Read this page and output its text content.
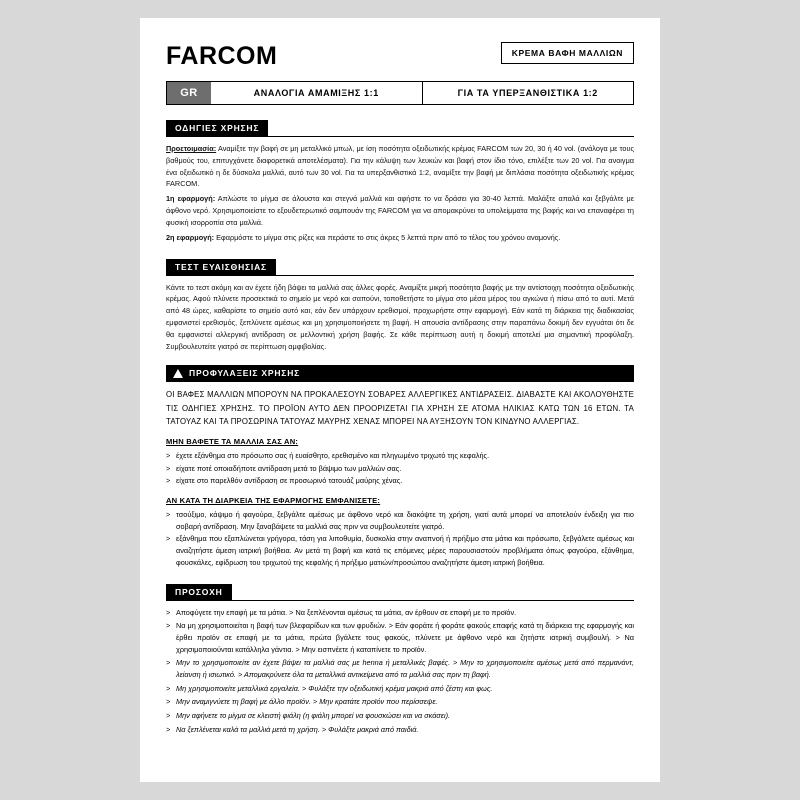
FARCOM	ΚΡΕΜΑ ΒΑΦΗ ΜΑΛΛΙΩΝ
GR	ΑΝΑΛΟΓΙΑ ΑΜΑΜΙΞΗΣ 1:1	ΓΙΑ ΤΑ ΥΠΕΡΞΑΝΘΙΣΤΙΚΑ 1:2
ΟΔΗΓΙΕΣ ΧΡΗΣΗΣ

Προετοιμασία: Αναμίξτε την βαφή σε μη μεταλλικό μπωλ, με ίση ποσότητα οξειδωτικής κρέμας FARCOM των 20, 30 ή 40 vol. (ανάλογα με τους βαθμούς του, επιτυγχάνετε διαφορετικά αποτελέσματα). Για την κάλυψη των λευκών και βαφή στον ίδιο τόνο, επιλέξτε των 20 vol. Για ανοιγμα ένα οξειδωτικό η δε δύσκολα μαλλιά, αυτό των 30 vol. Για τα υπερξανθιστικά 1:2, αναμίξτε την βαφή με διπλάσια ποσότητα οξειδωτικής κρέμας FARCOM.

1η εφαρμογή: Απλώστε το μίγμα σε άλουστα και στεγνά μαλλιά και αφήστε το να δράσει για 30-40 λεπτά. Μαλάξτε απαλά και ξεβγάλτε με άφθονο νερό. Χρησιμοποιείστε το εξουδετερωτικό σαμπουάν της FARCOM για να απομακρύνει τα υπολείμματα της βαφής και να επαναφέρει τη φυσική ισορροπία στα μαλλιά.

2η εφαρμογή: Εφαρμόστε το μίγμα στις ρίζες και περάστε το στις άκρες 5 λεπτά πριν από το τέλος του χρόνου αναμονής.

ΤΕΣΤ ΕΥΑΙΣΘΗΣΙΑΣ

Κάντε το τεστ ακόμη και αν έχετε ήδη βάψει τα μαλλιά σας άλλες φορές. Αναμίξτε μικρή ποσότητα βαφής με την αντίστοιχη ποσότητα οξειδωτικής κρέμας. Αφού πλύνετε προσεκτικά το σημείο με νερό και σαπούνι, τοποθετήστε το μίγμα στο μέσα μέρος του αγκώνα ή πίσω από το αυτί. Μετά από 48 ώρες, καθαρίστε το σημείο αυτό και, εάν δεν υπάρχουν ερεθισμοί, προχωρήστε στην εφαρμογή. Εάν κατά τη διάρκεια της διαδικασίας εμφανιστεί ερεθισμός, ξεπλύνετε αμέσως και μη χρησιμοποιήσετε τη βαφή. Η απουσία αντίδρασης στην παραπάνω δοκιμή δεν εγγυάται ότι δε θα εμφανιστεί αλλεργική αντίδραση σε μελλοντική χρήση βαφής. Σε κάθε περίπτωση αυτή η δοκιμή αποτελεί μια σημαντική προφύλαξη. Συμβουλευτείτε γιατρό σε περίπτωση αμφιβολίας.

ΠΡΟΦΥΛΑΞΕΙΣ ΧΡΗΣΗΣ

ΟΙ ΒΑΦΕΣ ΜΑΛΛΙΩΝ ΜΠΟΡΟΥΝ ΝΑ ΠΡΟΚΑΛΕΣΟΥΝ ΣΟΒΑΡΕΣ ΑΛΛΕΡΓΙΚΕΣ ΑΝΤΙΔΡΑΣΕΙΣ. ΔΙΑΒΑΣΤΕ ΚΑΙ ΑΚΟΛΟΥΘΗΣΤΕ ΤΙΣ ΟΔΗΓΙΕΣ ΧΡΗΣΗΣ. ΤΟ ΠΡΟΪΟΝ ΑΥΤΟ ΔΕΝ ΠΡΟΟΡΙΖΕΤΑΙ ΓΙΑ ΧΡΗΣΗ ΣΕ ΑΤΟΜΑ ΗΛΙΚΙΑΣ ΚΑΤΩ ΤΩΝ 16 ΕΤΩΝ. ΤΑ ΤΑΤΟΥΑΖ ΚΑΙ ΤΑ ΠΡΟΣΩΡΙΝΑ ΤΑΤΟΥΑΖ ΜΑΥΡΗΣ ΧΕΝΑΣ ΜΠΟΡΕΙ ΝΑ ΑΥΞΗΣΟΥΝ ΤΟΝ ΚΙΝΔΥΝΟ ΑΛΛΕΡΓΙΑΣ.

ΜΗΝ ΒΑΦΕΤΕ ΤΑ ΜΑΛΛΙΑ ΣΑΣ ΑΝ:
> έχετε εξάνθημα στο πρόσωπο σας ή ευαίσθητο, ερεθισμένο και πληγωμένο τριχωτό της κεφαλής.
> είχατε ποτέ οποιαδήποτε αντίδραση μετά το βάψιμο των μαλλιών σας.
> είχατε στο παρελθόν αντίδραση σε προσωρινό τατουάζ μαύρης χένας.
ΑΝ ΚΑΤΑ ΤΗ ΔΙΑΡΚΕΙΑ ΤΗΣ ΕΦΑΡΜΟΓΗΣ ΕΜΦΑΝΙΣΕΤΕ:
> τσούξιμο, κάψιμο ή φαγούρα, ξεβγάλτε αμέσως με άφθονο νερό και διακόψτε τη χρήση, γιατί αυτά μπορεί να αποτελούν ένδειξη για πιο σοβαρή αντίδραση. Μην ξαναβάψετε τα μαλλιά σας πριν να συμβουλευτείτε γιατρό.
> εξάνθημα που εξαπλώνεται γρήγορα, τάση για λιποθυμία, δυσκολία στην αναπνοή ή πρήξιμο στα μάτια και πρόσωπο, ξεβγάλετε αμέσως και αναζητήστε άμεση ιατρική βοήθεια. Αν μετά τη βαφή και κατά τις επόμενες μέρες παρουσιαστούν προβλήματα όπως φαγούρα, εξάνθημα, φουσκάλες, εφίδρωση του τριχωτού της κεφαλής ή πρήξιμο ματιών/προσώπου αναζητήστε άμεση ιατρική βοήθεια.
ΠΡΟΣΟΧΗ
> Αποφύγετε την επαφή με τα μάτια. > Να ξεπλένονται αμέσως τα μάτια, αν έρθουν σε επαφή με το προϊόν.
> Να μη χρησιμοποιείται η βαφή των βλεφαρίδων και των φρυδιών. > Εάν φοράτε ή φοράτε φακούς επαφής κατά τη διάρκεια της εφαρμογής και έρθει προϊόν σε επαφή με τα μάτια, πρώτα βγάλετε τους φακούς, πλύνετε με άφθονο νερό και ζητήστε ιατρική συμβουλή. > Να χρησιμοποιούνται κατάλληλα γάντια. > Μην εισπνέετε ή καταπίνετε το προϊόν.
> Μην το χρησιμοποιείτε αν έχετε βάψει τα μαλλιά σας με henna ή μεταλλικές βαφές. > Μην το χρησιμοποιείτε αμέσως μετά από περμανάντ, λείανση ή ισιωτικό. > Απομακρύνετε όλα τα μεταλλικά αντικείμενα από τα μαλλιά σας πριν τη βαφή.
> Μη χρησιμοποιείτε μεταλλικά εργαλεία. > Φυλάξτε την οξειδωτική κρέμα μακριά από ζέστη και φως.
> Μην αναμιγνύετε τη βαφή με άλλο προϊόν. > Μην κρατάτε προϊόν που περίσσεψε.
> Μην αφήνετε το μίγμα σε κλειστή φιάλη (η φιάλη μπορεί να φουσκώσει και να σκάσει).
> Να ξεπλένεται καλά τα μαλλιά μετά τη χρήση. > Φυλάξτε μακριά από παιδιά.
